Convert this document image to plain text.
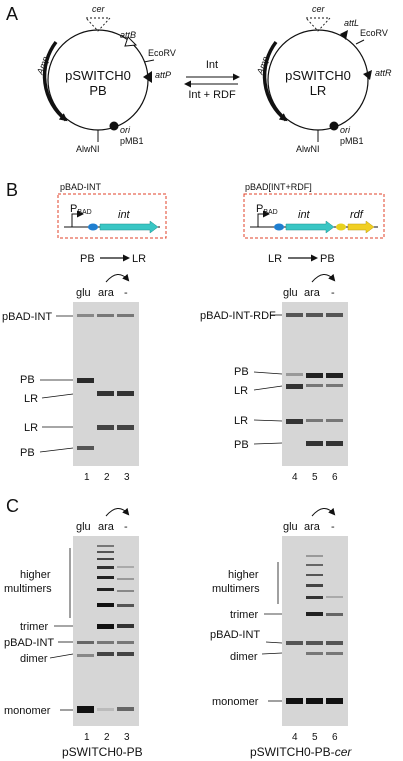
A	cer
attB
EcoRV
attP
ori
pMB1
AlwNI
Amp pSWITCH0
PB
Int
Int + RDF
cer
attL
EcoRV
attR
ori
pMB1
AlwNI
Amp pSWITCH0
LR
B	pBAD-INT
PBAD int
PB	LR
pBAD[INT+RDF]
PBAD int	rdf
LR	PB
glu ara -	glu ara -
pBAD-INT
PB
LR
LR
PB
1 2 3
pBAD-INT-RDF
PB
LR
LR
PB
4 5 6
C
glu ara -	glu ara -
higher
multimers
trimer
pBAD-INT
dimer
monomer
1 2 3
pSWITCH0-PB
higher
multimers
trimer
pBAD-INT
dimer
monomer
4 5 6
pSWITCH0-PB-cer
